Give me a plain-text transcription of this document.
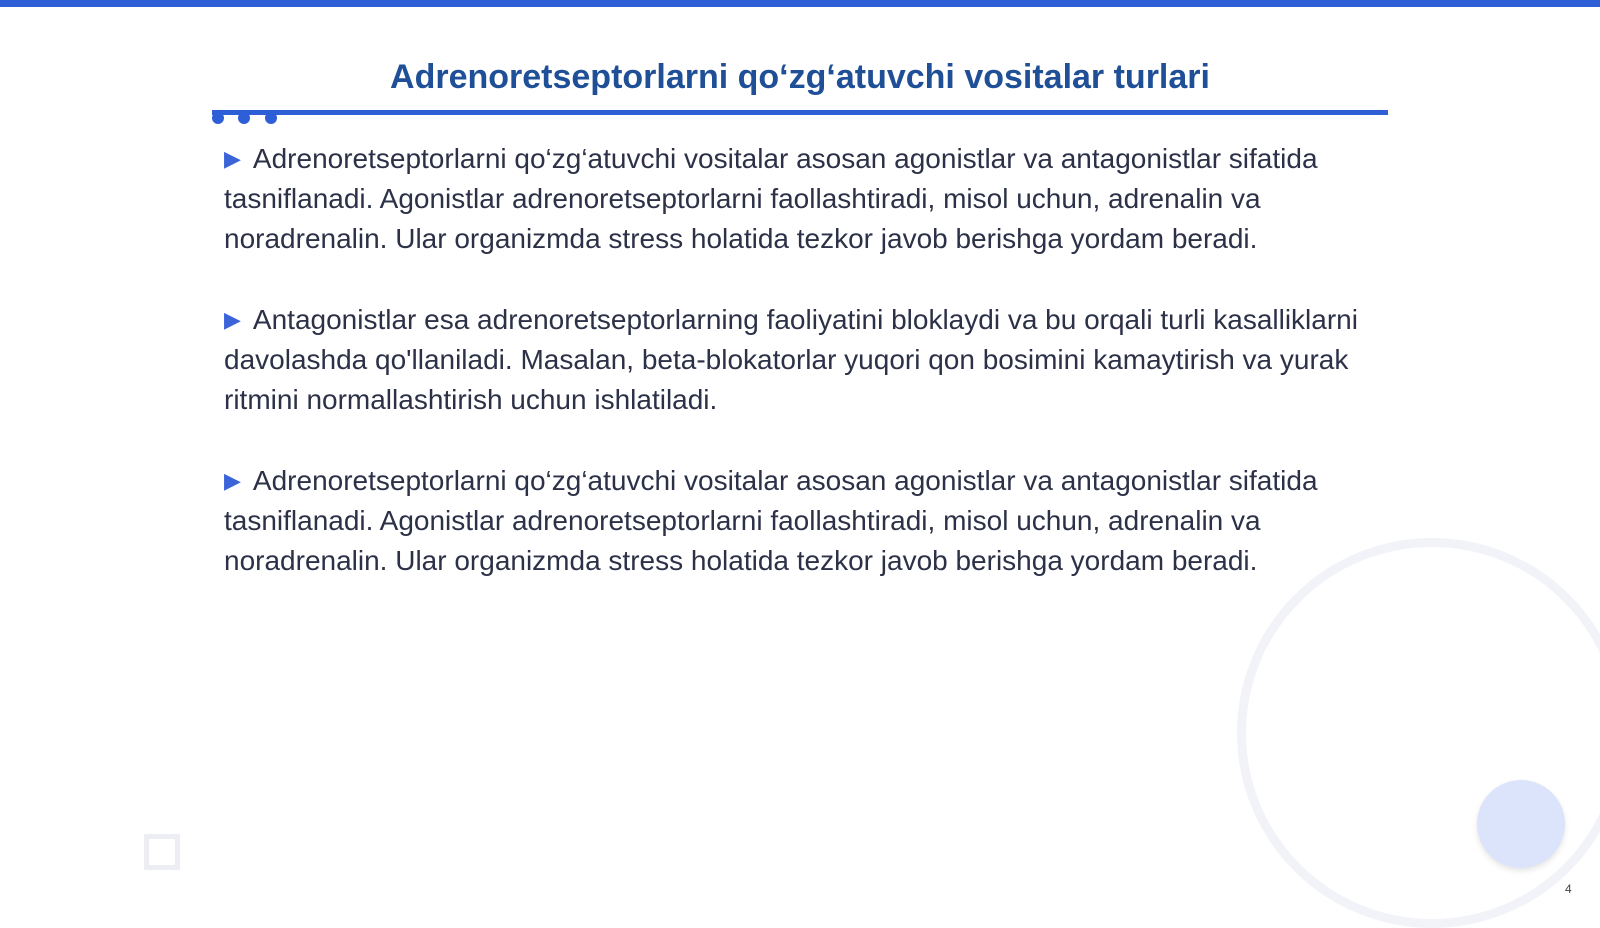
Adrenoretseptorlarni qo‘zg‘atuvchi vositalar turlari

▶ Adrenoretseptorlarni qo‘zg‘atuvchi vositalar asosan agonistlar va antagonistlar sifatida tasniflanadi. Agonistlar adrenoretseptorlarni faollashtiradi, misol uchun, adrenalin va noradrenalin. Ular organizmda stress holatida tezkor javob berishga yordam beradi.

▶ Antagonistlar esa adrenoretseptorlarning faoliyatini bloklaydi va bu orqali turli kasalliklarni davolashda qo'llaniladi. Masalan, beta-blokatorlar yuqori qon bosimini kamaytirish va yurak ritmini normallashtirish uchun ishlatiladi.

▶ Adrenoretseptorlarni qo‘zg‘atuvchi vositalar asosan agonistlar va antagonistlar sifatida tasniflanadi. Agonistlar adrenoretseptorlarni faollashtiradi, misol uchun, adrenalin va noradrenalin. Ular organizmda stress holatida tezkor javob berishga yordam beradi.

4
